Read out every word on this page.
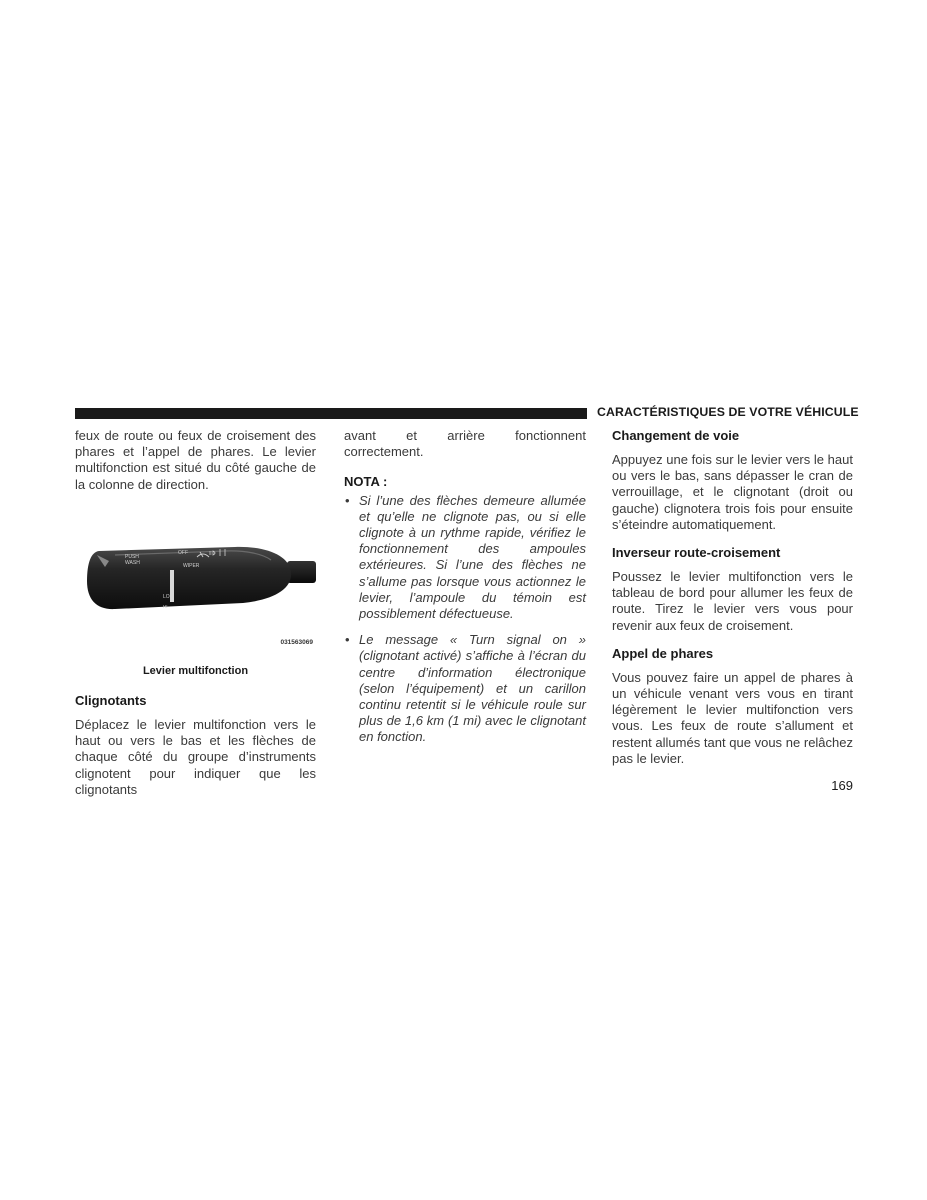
CARACTÉRISTIQUES DE VOTRE VÉHICULE

feux de route ou feux de croisement des phares et l’appel de phares. Le levier multifonction est situé du côté gauche de la colonne de direction.

PUSH
WASH
OFF
WIPER
LO
HI
031563069
Levier multifonction
Clignotants

Déplacez le levier multifonction vers le haut ou vers le bas et les flèches de chaque côté du groupe d’instruments clignotent pour indiquer que les clignotants

avant et arrière fonctionnent correctement.

NOTA :
• Si l’une des flèches demeure allumée et qu’elle ne clignote pas, ou si elle clignote à un rythme rapide, vérifiez le fonctionnement des ampoules extérieures. Si l’une des flèches ne s’allume pas lorsque vous actionnez le levier, l’ampoule du témoin est possiblement défectueuse.
• Le message « Turn signal on » (clignotant activé) s’affiche à l’écran du centre d’information électronique (selon l’équipement) et un carillon continu retentit si le véhicule roule sur plus de 1,6 km (1 mi) avec le clignotant en fonction.
Changement de voie

Appuyez une fois sur le levier vers le haut ou vers le bas, sans dépasser le cran de verrouillage, et le clignotant (droit ou gauche) clignotera trois fois pour ensuite s’éteindre automatiquement.

Inverseur route-croisement

Poussez le levier multifonction vers le tableau de bord pour allumer les feux de route. Tirez le levier vers vous pour revenir aux feux de croisement.

Appel de phares

Vous pouvez faire un appel de phares à un véhicule venant vers vous en tirant légèrement le levier multifonction vers vous. Les feux de route s’allument et restent allumés tant que vous ne relâchez pas le levier.

169
